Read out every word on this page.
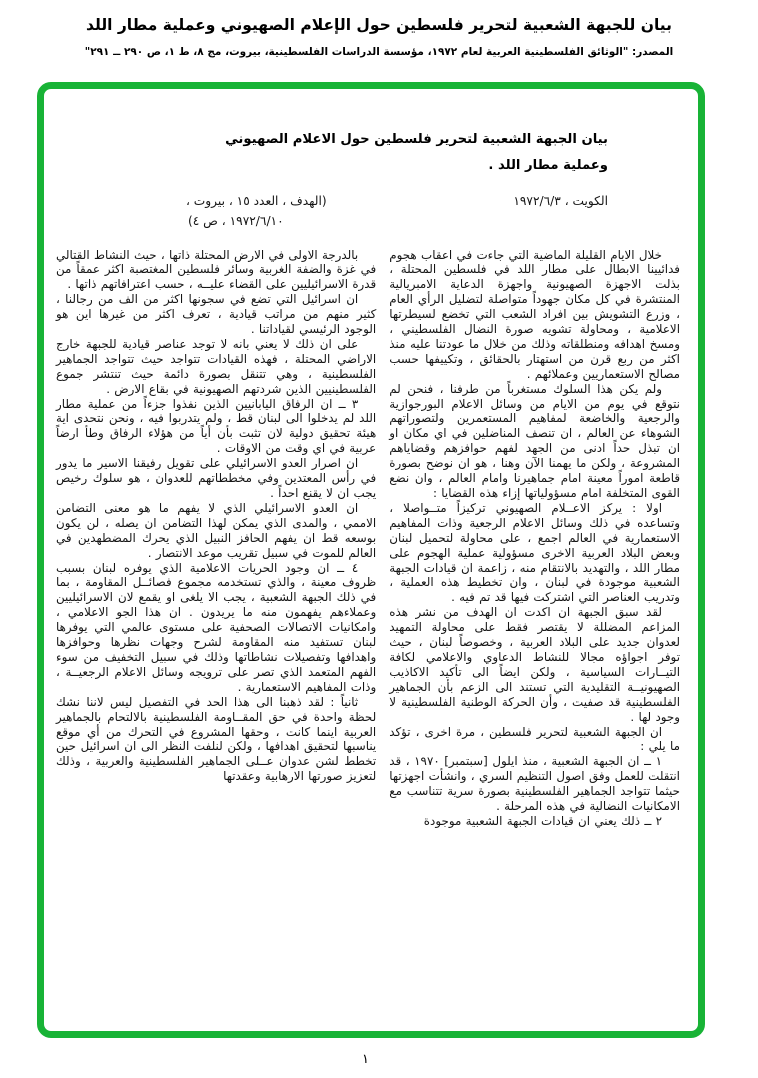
بيان للجبهة الشعبية لتحرير فلسطين حول الإعلام الصهيوني وعملية مطار اللد
المصدر: "الوثائق الفلسطينية العربية لعام ١٩٧٢، مؤسسة الدراسات الفلسطينية، بيروت، مج ٨، ط ١، ص ٢٩٠ ــ ٢٩١"
بيان الجبهة الشعبية لتحرير فلسطين حول الاعلام الصهيوني
وعملية مطار اللد .
الكويت ، ١٩٧٢/٦/٣
(الهدف ، العدد ١٥ ، بيروت ،
١٩٧٢/٦/١٠ ، ص ٤)

خلال الايام القليلة الماضية التي جاءت في اعقاب هجوم فدائيينا الابطال على مطار اللد في فلسطين المحتلة ، بذلت الاجهزة الصهيونية واجهزة الدعاية الامبريالية المنتشرة في كل مكان جهوداً متواصلة لتضليل الرأي العام ، وزرع التشويش بين افراد الشعب التي تخضع لسيطرتها الاعلامية ، ومحاولة تشويه صورة النضال الفلسطيني ، ومسخ اهدافه ومنطلقاته وذلك من خلال ما عودتنا عليه منذ اكثر من ربع قرن من استهتار بالحقائق ، وتكييفها حسب مصالح الاستعماريين وعملائهم .

ولم يكن هذا السلوك مستغرباً من طرفنا ، فنحن لم نتوقع في يوم من الايام من وسائل الاعلام البورجوازية والرجعية والخاضعة لمفاهيم المستعمرين ولتصوراتهم الشوهاء عن العالم ، ان تنصف المناضلين في اي مكان او ان تبذل حداً ادنى من الجهد لفهم حوافزهم وقضاياهم المشروعة ، ولكن ما يهمنا الآن وهنا ، هو ان نوضح بصورة قاطعة اموراً معينة امام جماهيرنا وامام العالم ، وان نضع القوى المتخلفة امام مسؤولياتها إزاء هذه القضايا :

اولا : يركز الاعــلام الصهيوني تركيزاً متــواصلا ، وتساعده في ذلك وسائل الاعلام الرجعية وذات المفاهيم الاستعمارية في العالم اجمع ، على محاولة لتحميل لبنان وبعض البلاد العربية الاخرى مسؤولية عملية الهجوم على مطار اللد ، والتهديد بالانتقام منه ، زاعمة ان قيادات الجبهة الشعبية موجودة في لبنان ، وان تخطيط هذه العملية ، وتدريب العناصر التي اشتركت فيها قد تم فيه .

لقد سبق الجبهة ان اكدت ان الهدف من نشر هذه المزاعم المضللة لا يقتصر فقط على محاولة التمهيد لعدوان جديد على البلاد العربية ، وخصوصاً لبنان ، حيث توفر اجواؤه مجالا للنشاط الدعاوي والاعلامي لكافة التيــارات السياسية ، ولكن ايضاً الى تأكيد الاكاذيب الصهيونيــة التقليدية التي تستند الى الزعم بأن الجماهير الفلسطينية قد صفيت ، وأن الحركة الوطنية الفلسطينية لا وجود لها .

ان الجبهة الشعبية لتحرير فلسطين ، مرة اخرى ، تؤكد ما يلي :

١ ــ ان الجبهة الشعبية ، منذ ايلول [سبتمبر] ١٩٧٠ ، قد انتقلت للعمل وفق اصول التنظيم السري ، وانشأت اجهزتها حيثما تتواجد الجماهير الفلسطينية بصورة سرية تتناسب مع الامكانيات النضالية في هذه المرحلة .

٢ ــ ذلك يعني ان قيادات الجبهة الشعبية موجودة

بالدرجة الاولى في الارض المحتلة ذاتها ، حيث النشاط القتالي في غزة والضفة الغربية وسائر فلسطين المغتصبة اكثر عمقاً من قدرة الاسرائيليين على القضاء عليــه ، حسب اعترافاتهم ذاتها .

ان اسرائيل التي تضع في سجونها اكثر من الف من رجالنا ، كثير منهم من مراتب قيادية ، تعرف اكثر من غيرها اين هو الوجود الرئيسي لقياداتنا .

على ان ذلك لا يعني بانه لا توجد عناصر قيادية للجبهة خارج الاراضي المحتلة ، فهذه القيادات تتواجد حيث تتواجد الجماهير الفلسطينية ، وهي تتنقل بصورة دائمة حيث تنتشر جموع الفلسطينيين الذين شردتهم الصهيونية في بقاع الارض .

٣ ــ ان الرفاق اليابانيين الذين نفذوا جزءاً من عملية مطار اللد لم يدخلوا الى لبنان قط ، ولم يتدربوا فيه ، ونحن نتحدى اية هيئة تحقيق دولية لان تثبت بأن أياً من هؤلاء الرفاق وطأ ارضاً عربية في اي وقت من الاوقات .

ان اصرار العدو الاسرائيلي على تقويل رفيقنا الاسير ما يدور في رأس المعتدين وفي مخططاتهم للعدوان ، هو سلوك رخيص يجب ان لا يقنع احداً .

ان العدو الاسرائيلي الذي لا يفهم ما هو معنى التضامن الاممي ، والمدى الذي يمكن لهذا التضامن ان يصله ، لن يكون بوسعه قط ان يفهم الحافز النبيل الذي يحرك المضطهدين في العالم للموت في سبيل تقريب موعد الانتصار .

٤ ــ ان وجود الحريات الاعلامية الذي يوفره لبنان بسبب ظروف معينة ، والذي تستخدمه مجموع فصائــل المقاومة ، بما في ذلك الجبهة الشعبية ، يجب الا يلغى او يقمع لان الاسرائيليين وعملاءهم يفهمون منه ما يريدون . ان هذا الجو الاعلامي ، وامكانيات الاتصالات الصحفية على مستوى عالمي التي يوفرها لبنان تستفيد منه المقاومة لشرح وجهات نظرها وحوافزها واهدافها وتفصيلات نشاطاتها وذلك في سبيل التخفيف من سوء الفهم المتعمد الذي تصر على ترويجه وسائل الاعلام الرجعيــة ، وذات المفاهيم الاستعمارية .

ثانياً : لقد ذهبنا الى هذا الحد في التفصيل ليس لاننا نشك لحظة واحدة في حق المقــاومة الفلسطينية بالالتحام بالجماهير العربية اينما كانت ، وحقها المشروع في التحرك من أي موقع يناسبها لتحقيق اهدافها ، ولكن لنلفت النظر الى ان اسرائيل حين تخطط لشن عدوان عــلى الجماهير الفلسطينية والعربية ، وذلك لتعزيز صورتها الارهابية وعقدتها

١
